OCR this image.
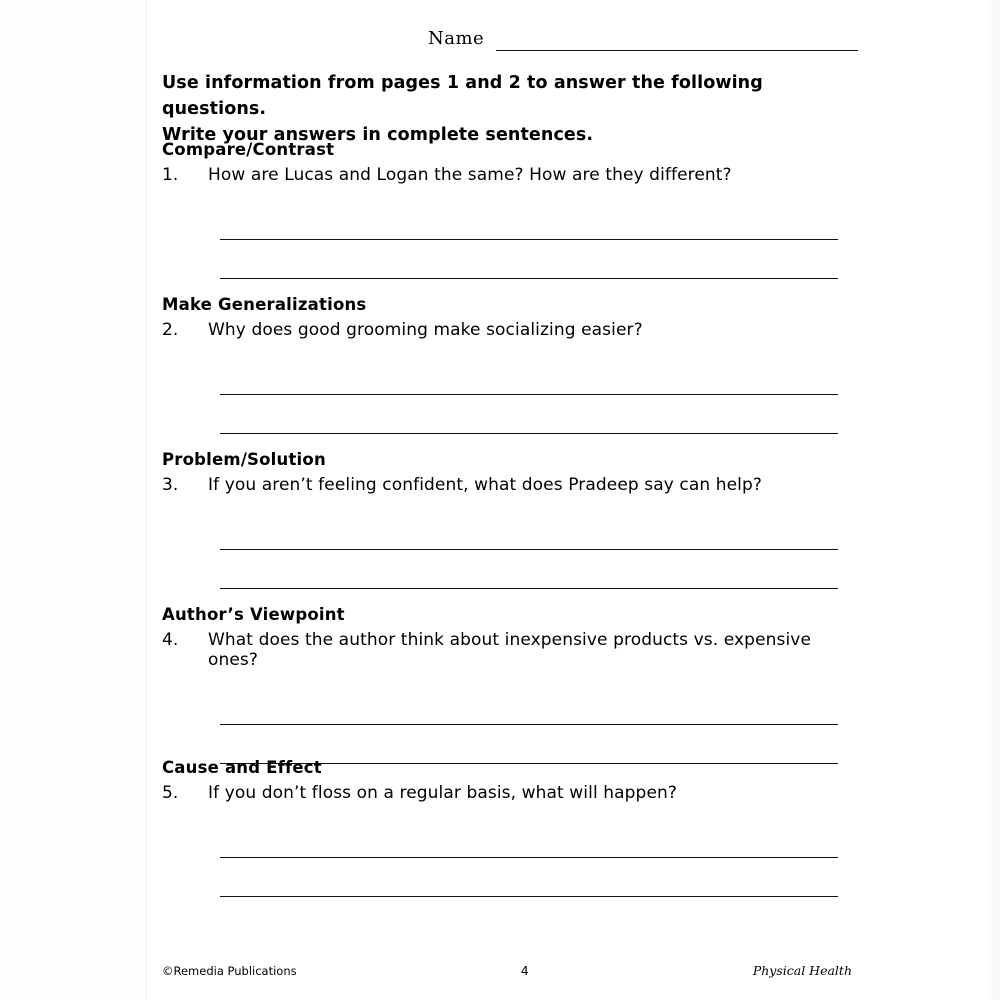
Name
Use information from pages 1 and 2 to answer the following questions.
Write your answers in complete sentences.
Compare/Contrast
1.	How are Lucas and Logan the same? How are they different?
Make Generalizations
2.	Why does good grooming make socializing easier?
Problem/Solution
3.	If you aren’t feeling confident, what does Pradeep say can help?
Author’s Viewpoint
4.	What does the author think about inexpensive products vs. expensive ones?
Cause and Effect
5.	If you don’t floss on a regular basis, what will happen?
©Remedia Publications	4	Physical Health
